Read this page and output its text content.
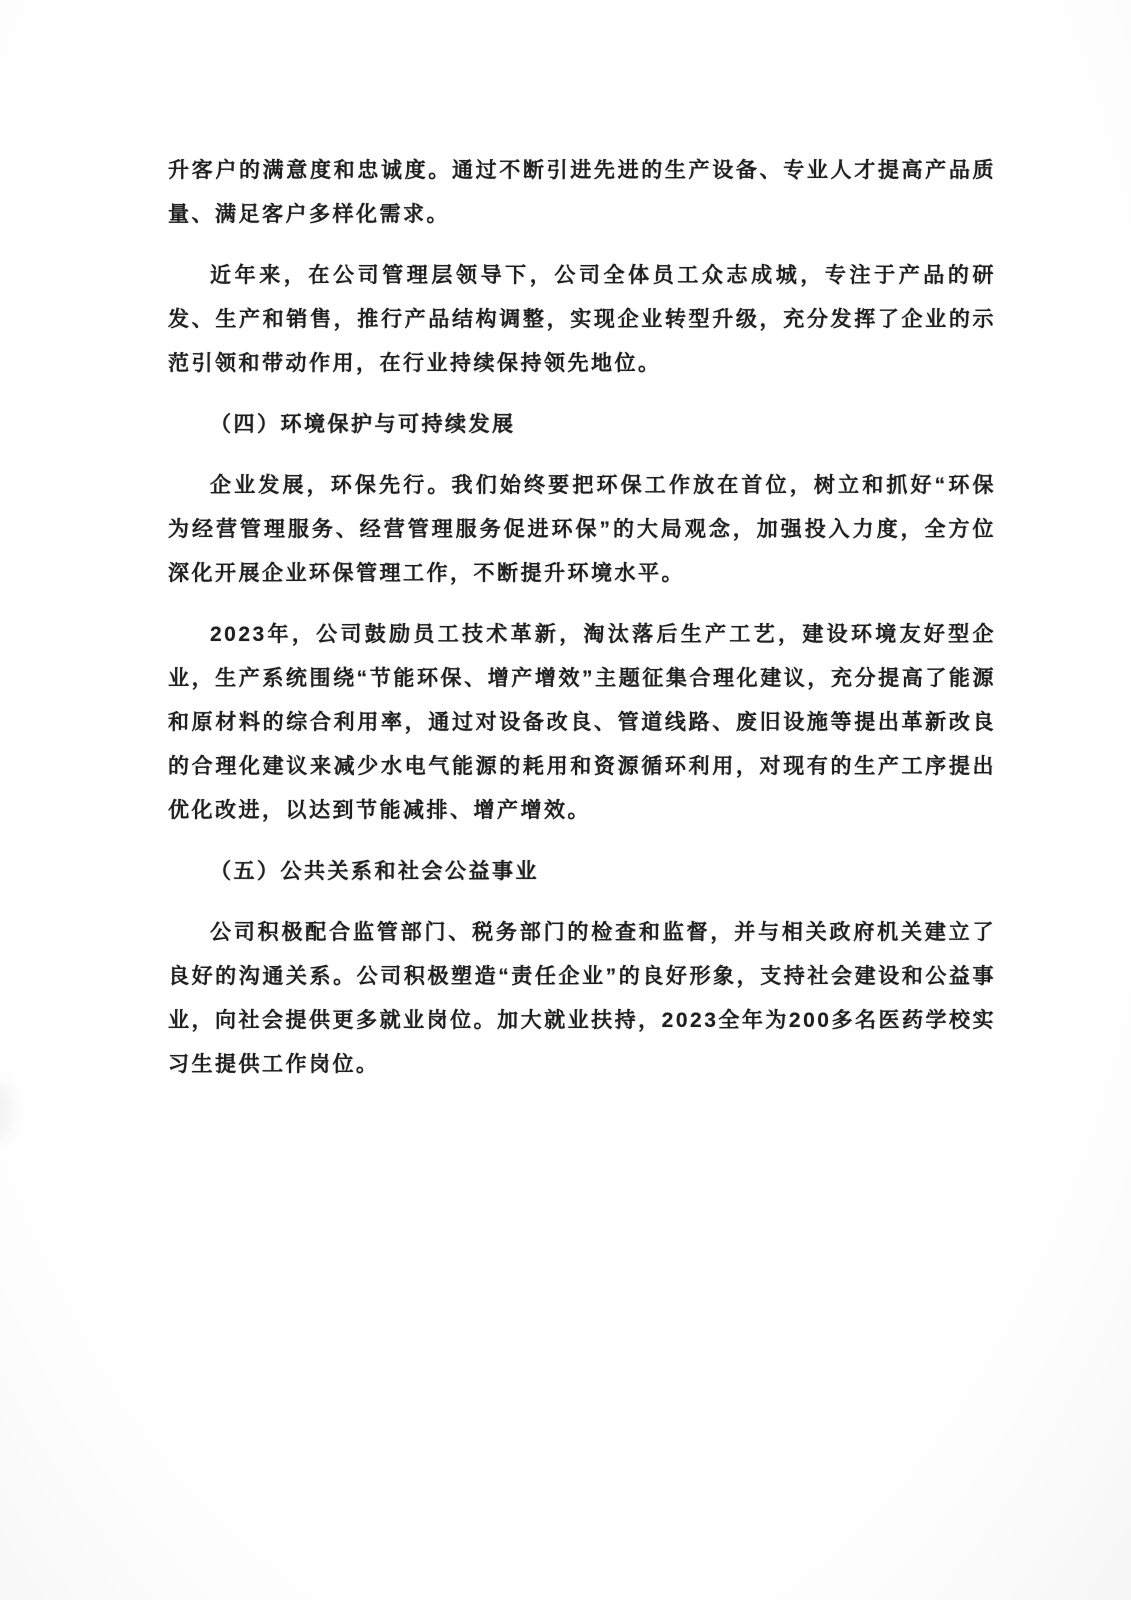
升客户的满意度和忠诚度。通过不断引进先进的生产设备、专业人才提高产品质量、满足客户多样化需求。

近年来，在公司管理层领导下，公司全体员工众志成城，专注于产品的研发、生产和销售，推行产品结构调整，实现企业转型升级，充分发挥了企业的示范引领和带动作用，在行业持续保持领先地位。

（四）环境保护与可持续发展

企业发展，环保先行。我们始终要把环保工作放在首位，树立和抓好“环保为经营管理服务、经营管理服务促进环保”的大局观念，加强投入力度，全方位深化开展企业环保管理工作，不断提升环境水平。

2023年，公司鼓励员工技术革新，淘汰落后生产工艺，建设环境友好型企业，生产系统围绕“节能环保、增产增效”主题征集合理化建议，充分提高了能源和原材料的综合利用率，通过对设备改良、管道线路、废旧设施等提出革新改良的合理化建议来减少水电气能源的耗用和资源循环利用，对现有的生产工序提出优化改进，以达到节能减排、增产增效。

（五）公共关系和社会公益事业

公司积极配合监管部门、税务部门的检查和监督，并与相关政府机关建立了良好的沟通关系。公司积极塑造“责任企业”的良好形象，支持社会建设和公益事业，向社会提供更多就业岗位。加大就业扶持，2023全年为200多名医药学校实习生提供工作岗位。
